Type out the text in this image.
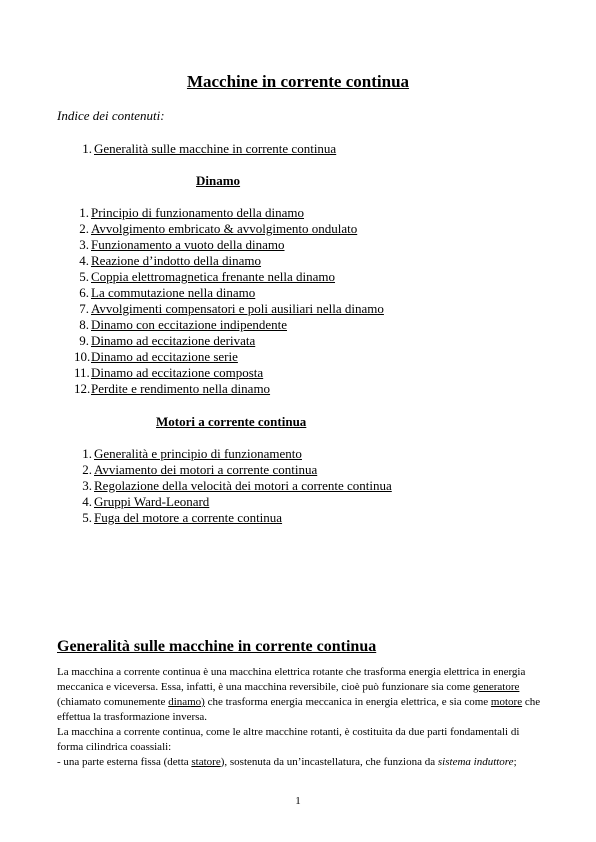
Macchine in corrente continua
Indice dei contenuti:
1. Generalità sulle macchine in corrente continua
Dinamo
1. Principio di funzionamento della dinamo
2. Avvolgimento embricato & avvolgimento ondulato
3. Funzionamento a vuoto della dinamo
4. Reazione d’indotto della dinamo
5. Coppia elettromagnetica frenante nella dinamo
6. La commutazione nella dinamo
7. Avvolgimenti compensatori e poli ausiliari nella dinamo
8. Dinamo con eccitazione indipendente
9. Dinamo ad eccitazione derivata
10. Dinamo ad eccitazione serie
11. Dinamo ad eccitazione composta
12. Perdite e rendimento nella dinamo
Motori a corrente continua
1. Generalità e principio di funzionamento
2. Avviamento dei motori a corrente continua
3. Regolazione della velocità dei motori a corrente continua
4. Gruppi Ward-Leonard
5. Fuga del motore a corrente continua
Generalità sulle macchine in corrente continua

La macchina a corrente continua è una macchina elettrica rotante che trasforma energia elettrica in energia meccanica e viceversa. Essa, infatti, è una macchina reversibile, cioè può funzionare sia come generatore (chiamato comunemente dinamo) che trasforma energia meccanica in energia elettrica, e sia come motore che effettua la trasformazione inversa.

La macchina a corrente continua, come le altre macchine rotanti, è costituita da due parti fondamentali di forma cilindrica coassiali:

- una parte esterna fissa (detta statore), sostenuta da un’incastellatura, che funziona da sistema induttore;

1
